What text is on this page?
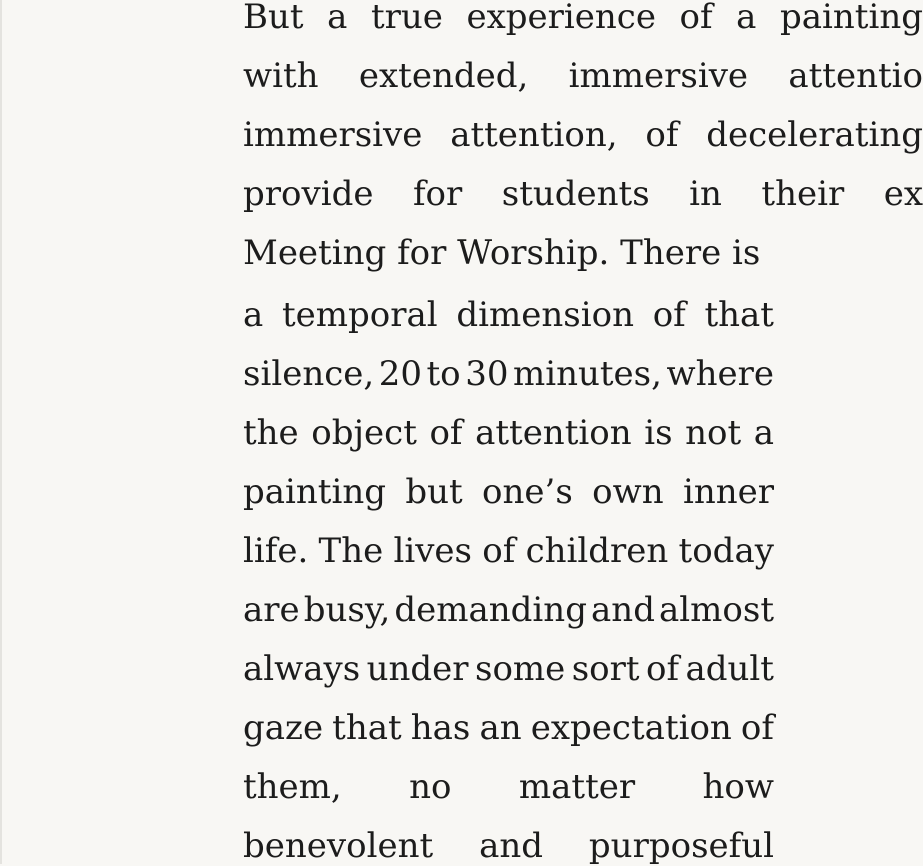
But a true experience of a painting
with extended, immersive attentio
immersive attention, of decelerating
provide for students in their ex
Meeting for Worship. There is
a temporal dimension of that
silence, 20 to 30 minutes, where
the object of attention is not a
painting but one’s own inner
life. The lives of children today
are busy, demanding and almost
always under some sort of adult
gaze that has an expectation of
them, no matter how
benevolent and purposeful
